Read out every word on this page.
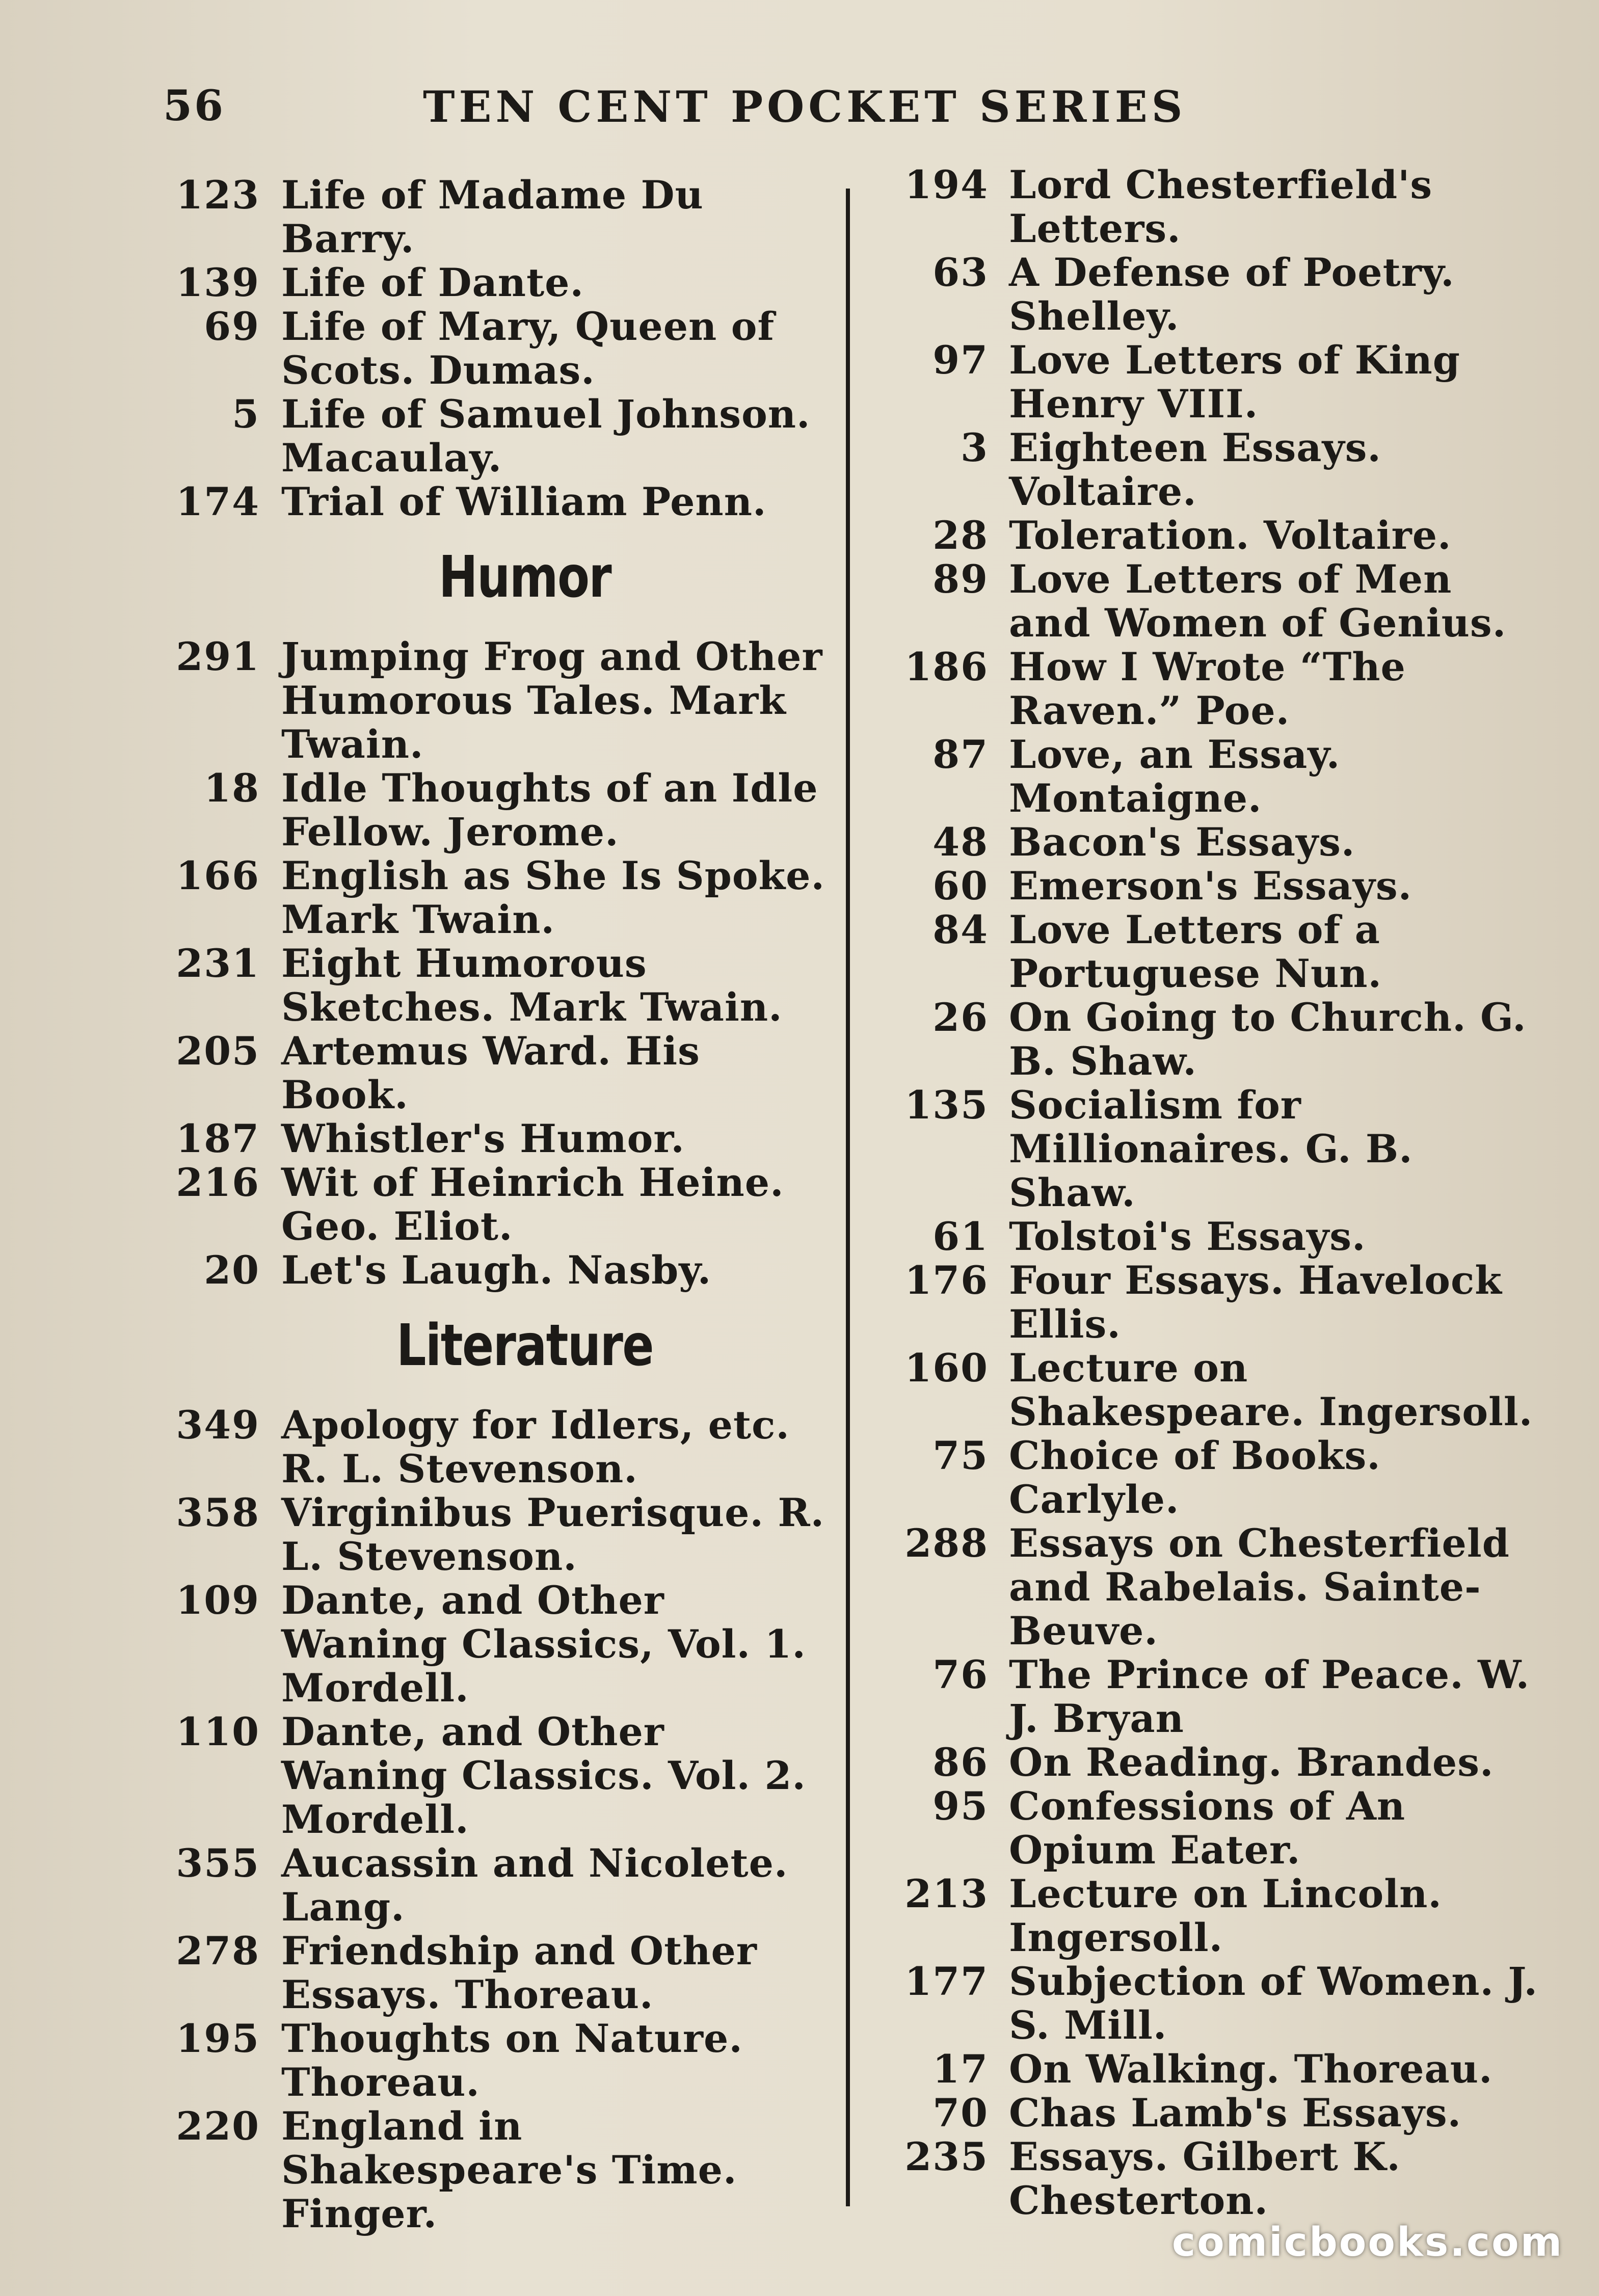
56	TEN CENT POCKET SERIES
123 Life of Madame Du Barry.
139 Life of Dante.
69 Life of Mary, Queen of Scots. Dumas.
5 Life of Samuel Johnson. Macaulay.
174 Trial of William Penn.
Humor
291 Jumping Frog and Other Humorous Tales. Mark Twain.
18 Idle Thoughts of an Idle Fellow. Jerome.
166 English as She Is Spoke. Mark Twain.
231 Eight Humorous Sketches. Mark Twain.
205 Artemus Ward. His Book.
187 Whistler's Humor.
216 Wit of Heinrich Heine. Geo. Eliot.
20 Let's Laugh. Nasby.
Literature
349 Apology for Idlers, etc. R. L. Stevenson.
358 Virginibus Puerisque. R. L. Stevenson.
109 Dante, and Other Waning Classics, Vol. 1. Mordell.
110 Dante, and Other Waning Classics. Vol. 2. Mordell.
355 Aucassin and Nicolete. Lang.
278 Friendship and Other Essays. Thoreau.
195 Thoughts on Nature. Thoreau.
220 England in Shakespeare's Time. Finger.
194 Lord Chesterfield's Letters.
63 A Defense of Poetry. Shelley.
97 Love Letters of King Henry VIII.
3 Eighteen Essays. Voltaire.
28 Toleration. Voltaire.
89 Love Letters of Men and Women of Genius.
186 How I Wrote “The Raven.” Poe.
87 Love, an Essay. Montaigne.
48 Bacon's Essays.
60 Emerson's Essays.
84 Love Letters of a Portuguese Nun.
26 On Going to Church. G. B. Shaw.
135 Socialism for Millionaires. G. B. Shaw.
61 Tolstoi's Essays.
176 Four Essays. Havelock Ellis.
160 Lecture on Shakespeare. Ingersoll.
75 Choice of Books. Carlyle.
288 Essays on Chesterfield and Rabelais. Sainte-Beuve.
76 The Prince of Peace. W. J. Bryan
86 On Reading. Brandes.
95 Confessions of An Opium Eater.
213 Lecture on Lincoln. Ingersoll.
177 Subjection of Women. J. S. Mill.
17 On Walking. Thoreau.
70 Chas Lamb's Essays.
235 Essays. Gilbert K. Chesterton.
comicbooks.com
